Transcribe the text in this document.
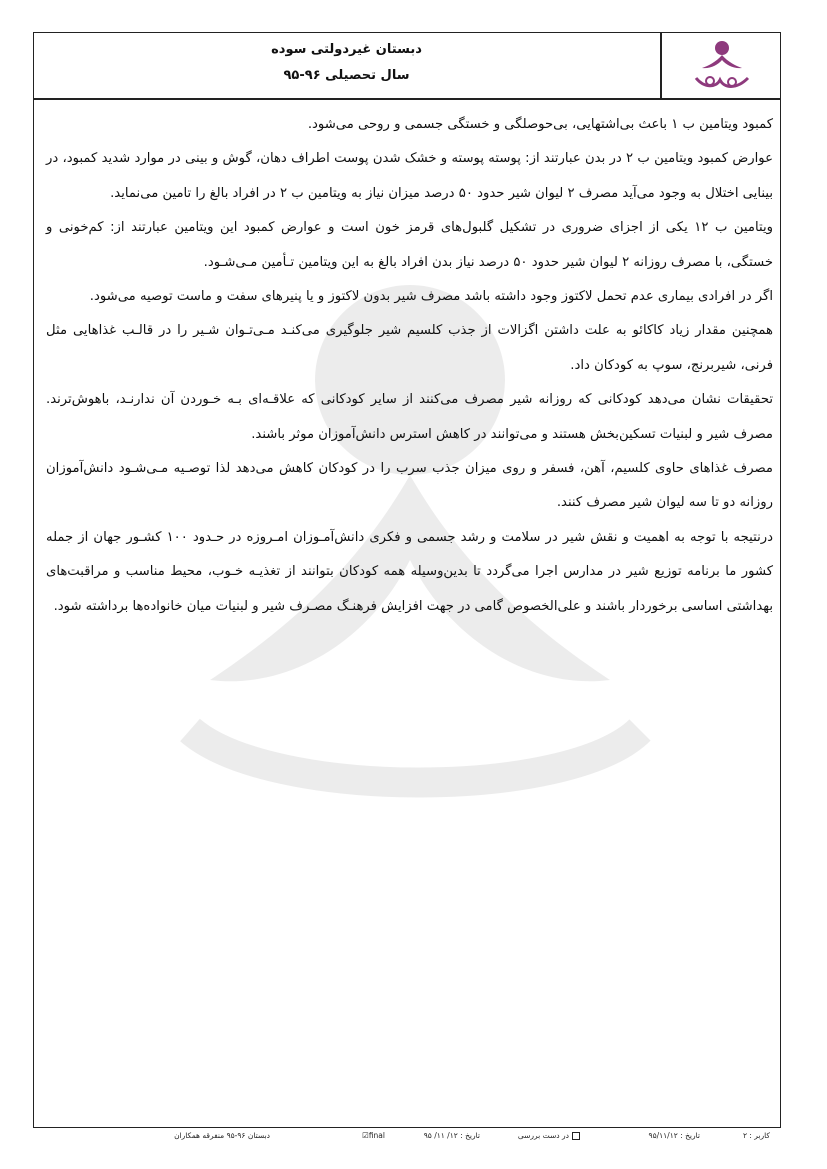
دبستان غیردولتی سوده
سال تحصیلی ۹۶-۹۵

کمبود ویتامین ب ۱ باعث بی‌اشتهایی، بی‌حوصلگی و خستگی جسمی و روحی می‌شود.

عوارض کمبود ویتامین ب ۲ در بدن عبارتند از: پوسته پوسته و خشک شدن پوست اطراف دهان، گوش و بینی در موارد شدید کمبود، در بینایی اختلال به وجود می‌آید مصرف ۲ لیوان شیر حدود ۵۰ درصد میزان نیاز به ویتامین ب ۲ در افراد بالغ را تامین می‌نماید.

ویتامین ب ۱۲ یکی از اجزای ضروری در تشکیل گلبول‌های قرمز خون است و عوارض کمبود این ویتامین عبارتند از: کم‌خونی و خستگی، با مصرف روزانه ۲ لیوان شیر حدود ۵۰ درصد نیاز بدن افراد بالغ به این ویتامین تـأمین مـی‌شـود.

اگر در افرادی بیماری عدم تحمل لاکتوز وجود داشته باشد مصرف شیر بدون لاکتوز و یا پنیرهای سفت و ماست توصیه می‌شود.

همچنین مقدار زیاد کاکائو به علت داشتن اگزالات از جذب کلسیم شیر جلوگیری می‌کنـد مـی‌تـوان شـیر را در قالـب غذاهایی مثل فرنی، شیربرنج، سوپ به کودکان داد.

تحقیقات نشان می‌دهد کودکانی که روزانه شیر مصرف می‌کنند از سایر کودکانی که علاقـه‌ای بـه خـوردن آن ندارنـد، باهوش‌ترند. مصرف شیر و لبنیات تسکین‌بخش هستند و می‌توانند در کاهش استرس دانش‌آموزان موثر باشند.

مصرف غذاهای حاوی کلسیم، آهن، فسفر و روی میزان جذب سرب را در کودکان کاهش می‌دهد لذا توصـیه مـی‌شـود دانش‌آموزان روزانه دو تا سه لیوان شیر مصرف کنند.

درنتیجه با توجه به اهمیت و نقش شیر در سلامت و رشد جسمی و فکری دانش‌آمـوزان امـروزه در حـدود ۱۰۰ کشـور جهان از جمله کشور ما برنامه توزیع شیر در مدارس اجرا می‌گردد تا بدین‌وسیله همه کودکان بتوانند از تغذیـه خـوب، محیط مناسب و مراقبت‌های بهداشتی اساسی برخوردار باشند و علی‌الخصوص گامی در جهت افزایش فرهنـگ مصـرف شیر و لبنیات میان خانواده‌ها برداشته شود.

کاربر : ۲
تاریخ : ۹۵/۱۱/۱۲
در دست بررسی
تاریخ : ۱۲/ ۱۱/ ۹۵
final☑
دبستان ۹۶-۹۵ منفرقه همکاران
